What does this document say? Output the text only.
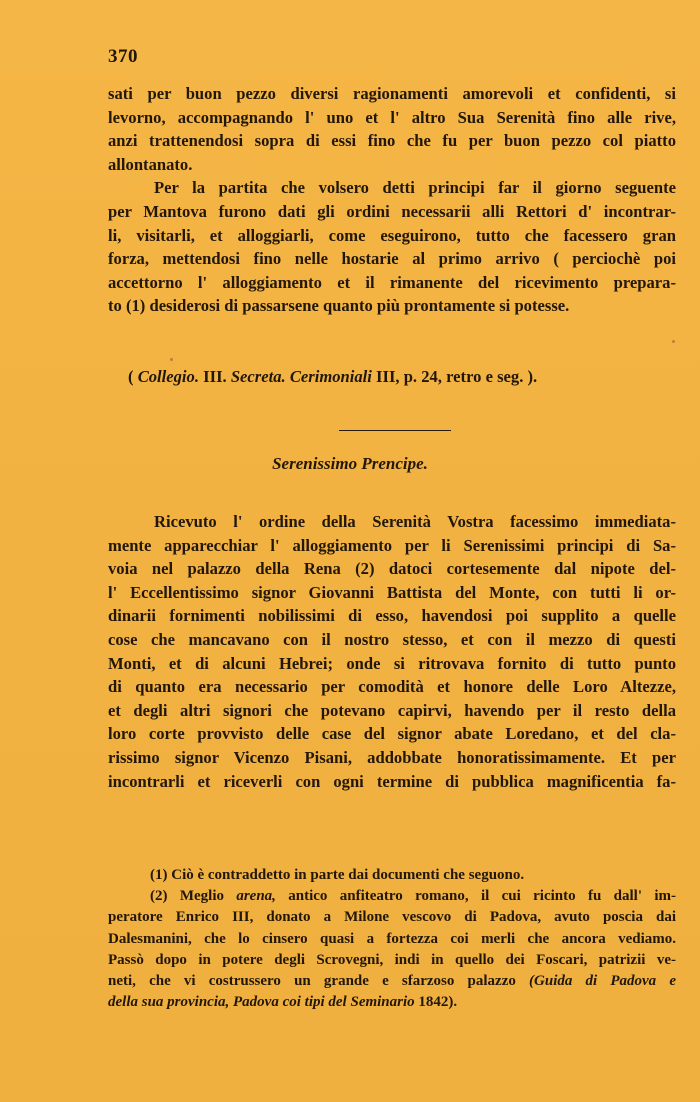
370
sati per buon pezzo diversi ragionamenti amorevoli et confidenti, si
levorno, accompagnando l' uno et l' altro Sua Serenità fino alle rive,
anzi trattenendosi sopra di essi fino che fu per buon pezzo col piatto
allontanato.
Per la partita che volsero detti principi far il giorno seguente
per Mantova furono dati gli ordini necessarii alli Rettori d' incontrar-
li, visitarli, et alloggiarli, come eseguirono, tutto che facessero gran
forza, mettendosi fino nelle hostarie al primo arrivo ( perciochè poi
accettorno l' alloggiamento et il rimanente del ricevimento prepara-
to (1) desiderosi di passarsene quanto più prontamente si potesse.
( Collegio. III. Secreta. Cerimoniali III, p. 24, retro e seg. ).
Serenissimo Prencipe.
Ricevuto l' ordine della Serenità Vostra facessimo immediata-
mente apparecchiar l' alloggiamento per li Serenissimi principi di Sa-
voia nel palazzo della Rena (2) datoci cortesemente dal nipote del-
l' Eccellentissimo signor Giovanni Battista del Monte, con tutti li or-
dinarii fornimenti nobilissimi di esso, havendosi poi supplito a quelle
cose che mancavano con il nostro stesso, et con il mezzo di questi
Monti, et di alcuni Hebrei; onde si ritrovava fornito di tutto punto
di quanto era necessario per comodità et honore delle Loro Altezze,
et degli altri signori che potevano capirvi, havendo per il resto della
loro corte provvisto delle case del signor abate Loredano, et del cla-
rissimo signor Vicenzo Pisani, addobbate honoratissimamente. Et per
incontrarli et riceverli con ogni termine di pubblica magnificentia fa-
(1) Ciò è contraddetto in parte dai documenti che seguono.
(2) Meglio arena, antico anfiteatro romano, il cui ricinto fu dall' im-
peratore Enrico III, donato a Milone vescovo di Padova, avuto poscia dai
Dalesmanini, che lo cinsero quasi a fortezza coi merli che ancora vediamo.
Passò dopo in potere degli Scrovegni, indi in quello dei Foscari, patrizii ve-
neti, che vi costrussero un grande e sfarzoso palazzo (Guida di Padova e
della sua provincia, Padova coi tipi del Seminario 1842).
